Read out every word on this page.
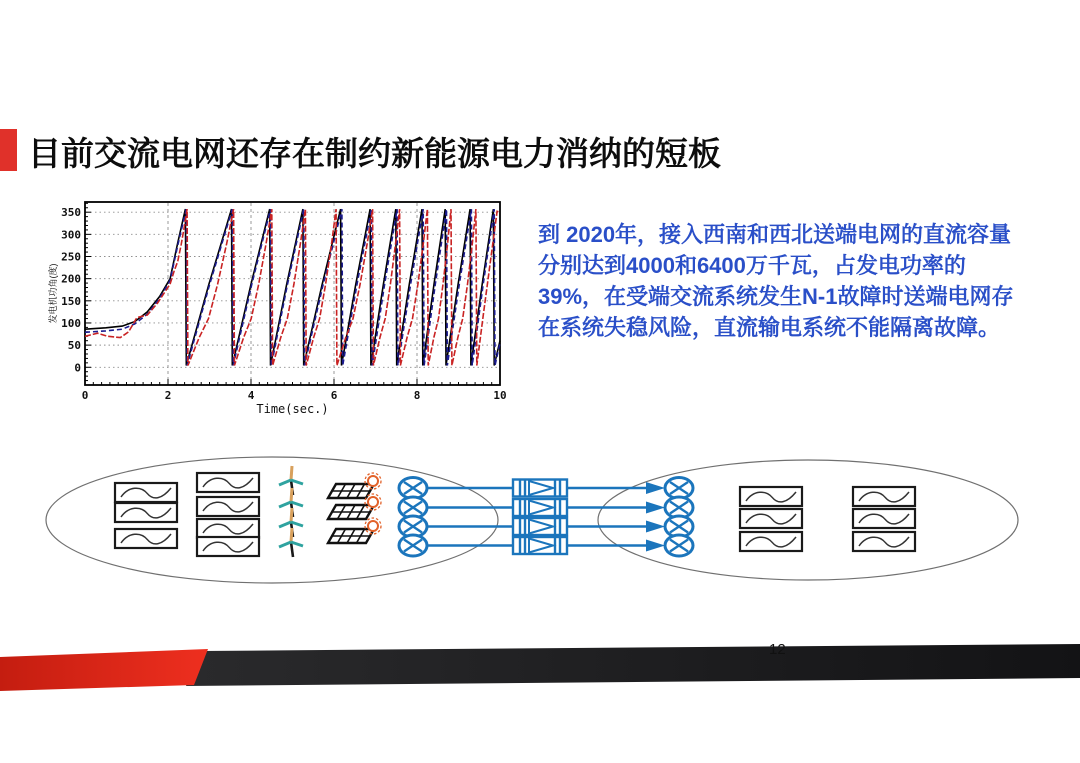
目前交流电网还存在制约新能源电力消纳的短板
0	2	4	6	8	10
0
50
100
150
200
250
300
350
Time(sec.)
发电机功角(度)
到 2020年，接入西南和西北送端电网的直流容量
分别达到4000和6400万千瓦，占发电功率的
39%，在受端交流系统发生N-1故障时送端电网存
在系统失稳风险，直流输电系统不能隔离故障。
12
